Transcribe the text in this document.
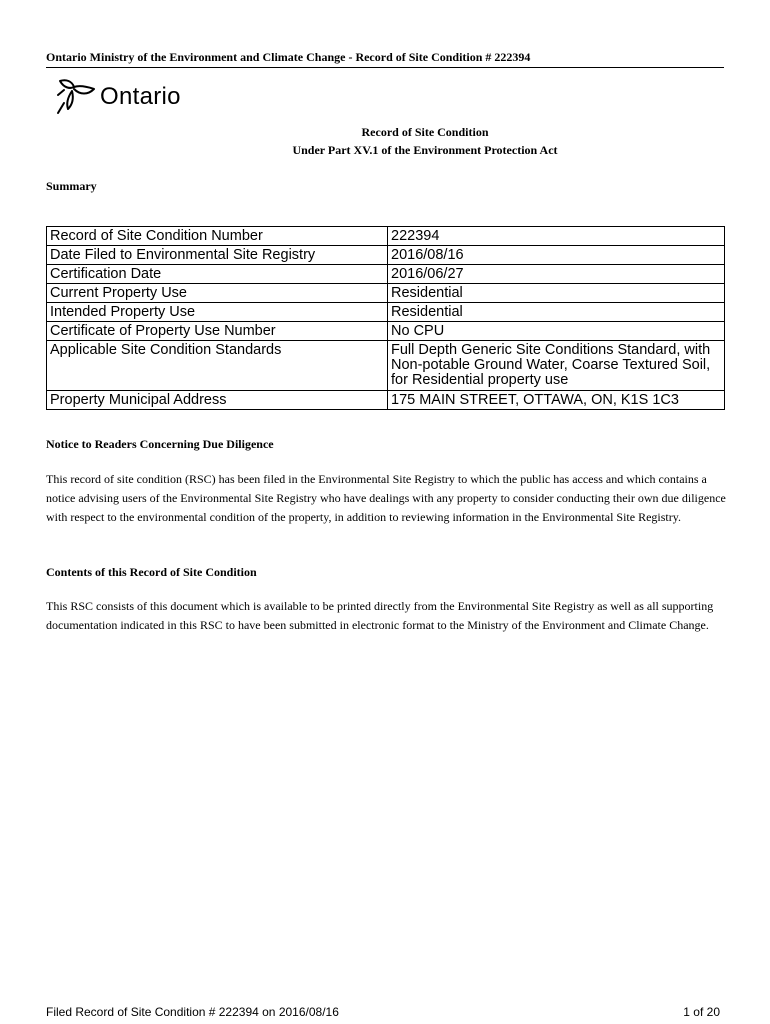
Ontario Ministry of the Environment and Climate Change - Record of Site Condition # 222394
Ontario
Record of Site Condition
Under Part XV.1 of the Environment Protection Act
Summary
Record of Site Condition Number	222394
Date Filed to Environmental Site Registry	2016/08/16
Certification Date	2016/06/27
Current Property Use	Residential
Intended Property Use	Residential
Certificate of Property Use Number	No CPU
Applicable Site Condition Standards	Full Depth Generic Site Conditions Standard, with Non-potable Ground Water, Coarse Textured Soil, for Residential property use
Property Municipal Address	175 MAIN STREET, OTTAWA, ON, K1S 1C3
Notice to Readers Concerning Due Diligence
This record of site condition (RSC) has been filed in the Environmental Site Registry to which the public has access and which contains a notice advising users of the Environmental Site Registry who have dealings with any property to consider conducting their own due diligence with respect to the environmental condition of the property, in addition to reviewing information in the Environmental Site Registry.
Contents of this Record of Site Condition
This RSC consists of this document which is available to be printed directly from the Environmental Site Registry as well as all supporting documentation indicated in this RSC to have been submitted in electronic format to the Ministry of the Environment and Climate Change.
Filed Record of Site Condition # 222394 on 2016/08/16	1 of 20
